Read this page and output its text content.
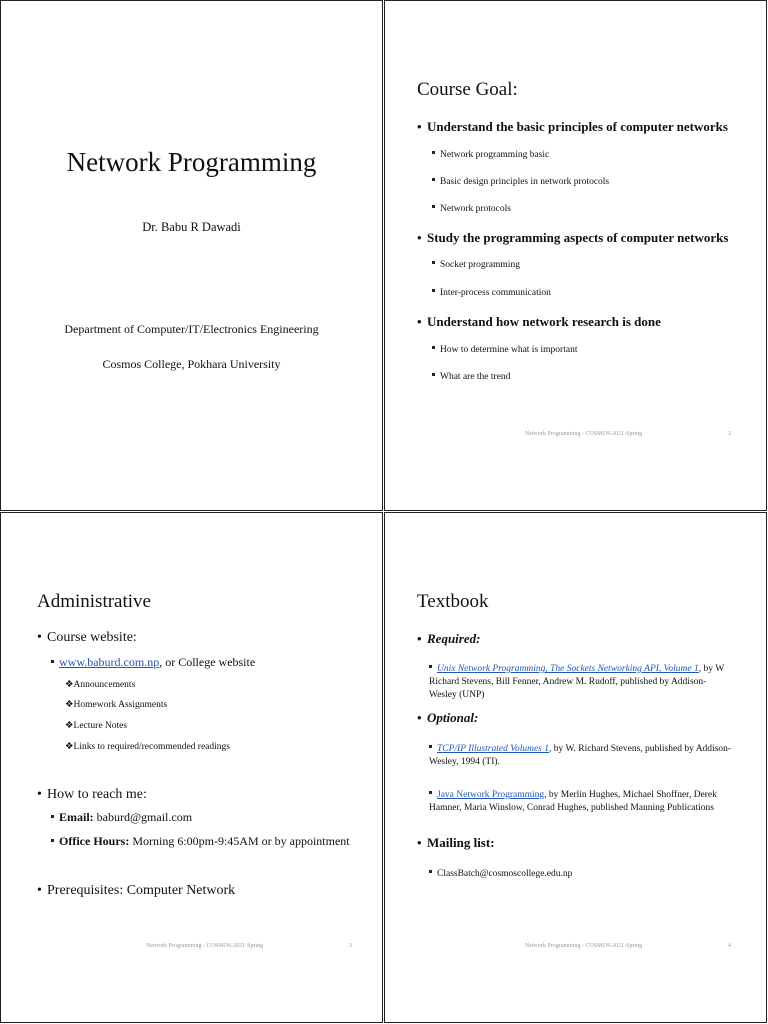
Network Programming
Dr. Babu R Dawadi
Department of Computer/IT/Electronics Engineering
Cosmos College, Pokhara University
Course Goal:
• Understand the basic principles of computer networks
Network programming basic
Basic design principles in network protocols
Network protocols
• Study the programming aspects of computer networks
Socket programming
Inter-process communication
• Understand how network research is done
How to determine what is important
What are the trend
Network Programming - COSMOS-2021-Spring	2
Administrative
• Course website:
www.baburd.com.np, or College website
❖Announcements
❖Homework Assignments
❖Lecture Notes
❖Links to required/recommended readings
• How to reach me:
Email: baburd@gmail.com
Office Hours: Morning 6:00pm-9:45AM or by appointment
• Prerequisites: Computer Network
Network Programming - COSMOS-2021-Spring	3
Textbook
• Required:
Unix Network Programming, The Sockets Networking API, Volume 1, by W Richard Stevens, Bill Fenner, Andrew M. Rudoff, published by Addison-Wesley (UNP)
• Optional:
TCP/IP Illustrated Volumes 1, by W. Richard Stevens, published by Addison-Wesley, 1994 (TI).
Java Network Programming, by Merlin Hughes, Michael Shoffner, Derek Hamner, Maria Winslow, Conrad Hughes, published Manning Publications
• Mailing list:
ClassBatch@cosmoscollege.edu.np
Network Programming - COSMOS-2021-Spring	4
